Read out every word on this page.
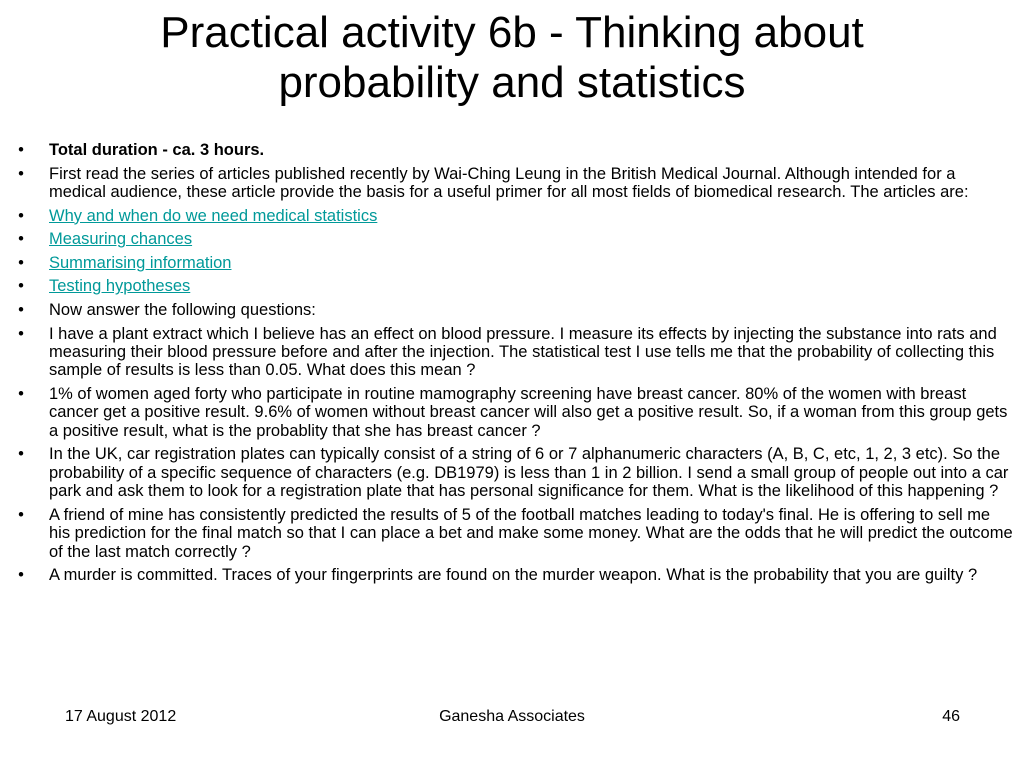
Practical activity 6b - Thinking about
probability and statistics
• Total duration - ca. 3 hours.
• First read the series of articles published recently by Wai-Ching Leung in the British Medical Journal. Although intended for a medical audience, these article provide the basis for a useful primer for all most fields of biomedical research. The articles are:
• Why and when do we need medical statistics
• Measuring chances
• Summarising information
• Testing hypotheses
• Now answer the following questions:
• I have a plant extract which I believe has an effect on blood pressure. I measure its effects by injecting the substance into rats and measuring their blood pressure before and after the injection. The statistical test I use tells me that the probability of collecting this sample of results is less than 0.05. What does this mean ?
• 1% of women aged forty who participate in routine mamography screening have breast cancer. 80% of the women with breast cancer get a positive result. 9.6% of women without breast cancer will also get a positive result. So, if a woman from this group gets a positive result, what is the probablity that she has breast cancer ?
• In the UK, car registration plates can typically consist of a string of 6 or 7 alphanumeric characters (A, B, C, etc, 1, 2, 3 etc). So the probability of a specific sequence of characters (e.g. DB1979) is less than 1 in 2 billion. I send a small group of people out into a car park and ask them to look for a registration plate that has personal significance for them. What is the likelihood of this happening ?
• A friend of mine has consistently predicted the results of 5 of the football matches leading to today's final. He is offering to sell me his prediction for the final match so that I can place a bet and make some money. What are the odds that he will predict the outcome of the last match correctly ?
• A murder is committed. Traces of your fingerprints are found on the murder weapon. What is the probability that you are guilty ?
17 August 2012	Ganesha Associates	46
